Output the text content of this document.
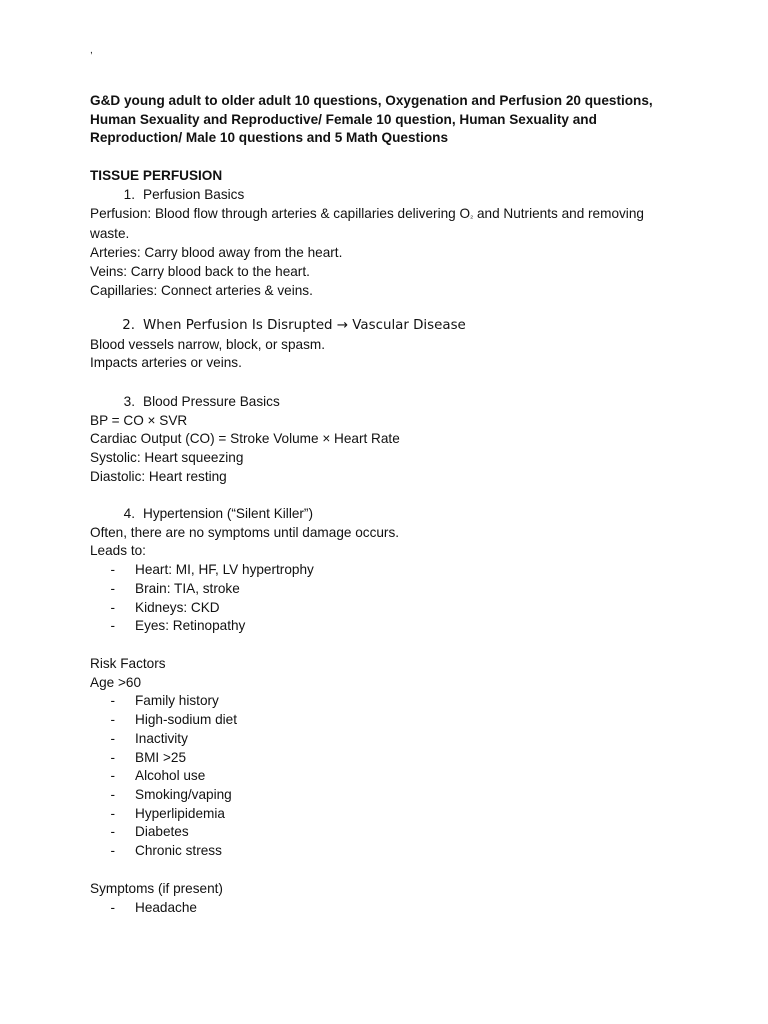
,
G&D young adult to older adult 10 questions, Oxygenation and Perfusion 20 questions,
Human Sexuality and Reproductive/ Female 10 question, Human Sexuality and
Reproduction/ Male 10 questions and 5 Math Questions
TISSUE PERFUSION
1. Perfusion Basics
Perfusion: Blood flow through arteries & capillaries delivering O₂ and Nutrients and removing
waste.
Arteries: Carry blood away from the heart.
Veins: Carry blood back to the heart.
Capillaries: Connect arteries & veins.
2. When Perfusion Is Disrupted → Vascular Disease
Blood vessels narrow, block, or spasm.
Impacts arteries or veins.
3. Blood Pressure Basics
BP = CO × SVR
Cardiac Output (CO) = Stroke Volume × Heart Rate
Systolic: Heart squeezing
Diastolic: Heart resting
4. Hypertension (“Silent Killer”)
Often, there are no symptoms until damage occurs.
Leads to:
- Heart: MI, HF, LV hypertrophy
- Brain: TIA, stroke
- Kidneys: CKD
- Eyes: Retinopathy
Risk Factors
Age >60
- Family history
- High-sodium diet
- Inactivity
- BMI >25
- Alcohol use
- Smoking/vaping
- Hyperlipidemia
- Diabetes
- Chronic stress
Symptoms (if present)
- Headache
